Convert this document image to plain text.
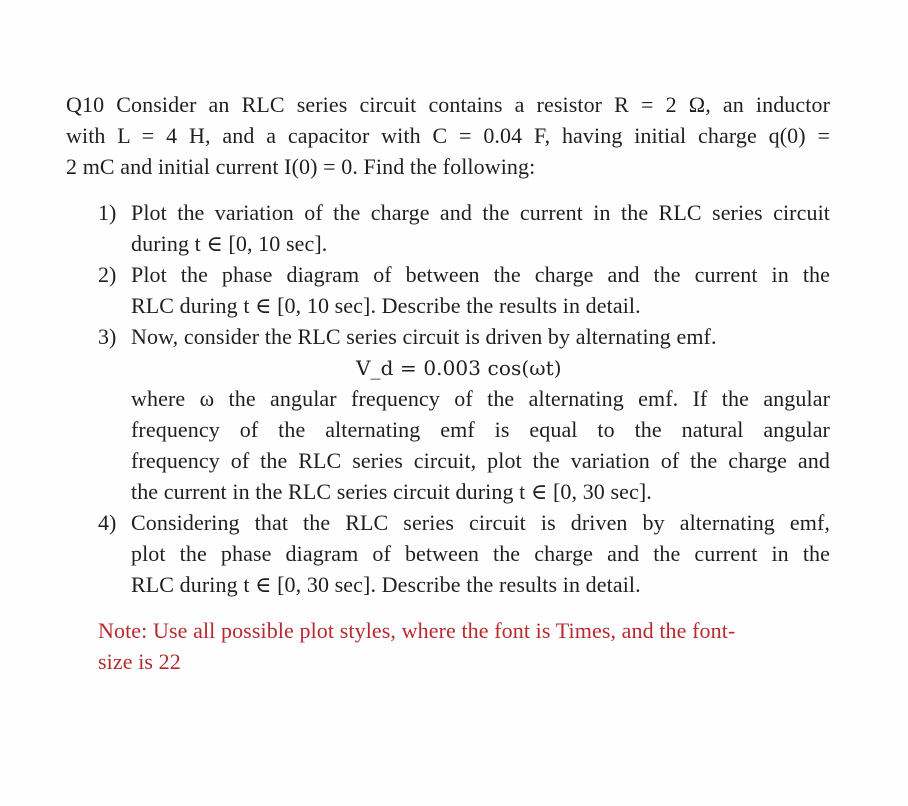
Q10 Consider an RLC series circuit contains a resistor R = 2 Ω, an inductor
with L = 4 H, and a capacitor with C = 0.04 F, having initial charge q(0) =
2 mC and initial current I(0) = 0. Find the following:
1) Plot the variation of the charge and the current in the RLC series circuit
during t ∈ [0, 10 sec].
2) Plot the phase diagram of between the charge and the current in the
RLC during t ∈ [0, 10 sec]. Describe the results in detail.
3) Now, consider the RLC series circuit is driven by alternating emf.
V_d = 0.003 cos(ωt)
where ω the angular frequency of the alternating emf. If the angular
frequency of the alternating emf is equal to the natural angular
frequency of the RLC series circuit, plot the variation of the charge and
the current in the RLC series circuit during t ∈ [0, 30 sec].
4) Considering that the RLC series circuit is driven by alternating emf,
plot the phase diagram of between the charge and the current in the
RLC during t ∈ [0, 30 sec]. Describe the results in detail.
Note: Use all possible plot styles, where the font is Times, and the font-
size is 22
